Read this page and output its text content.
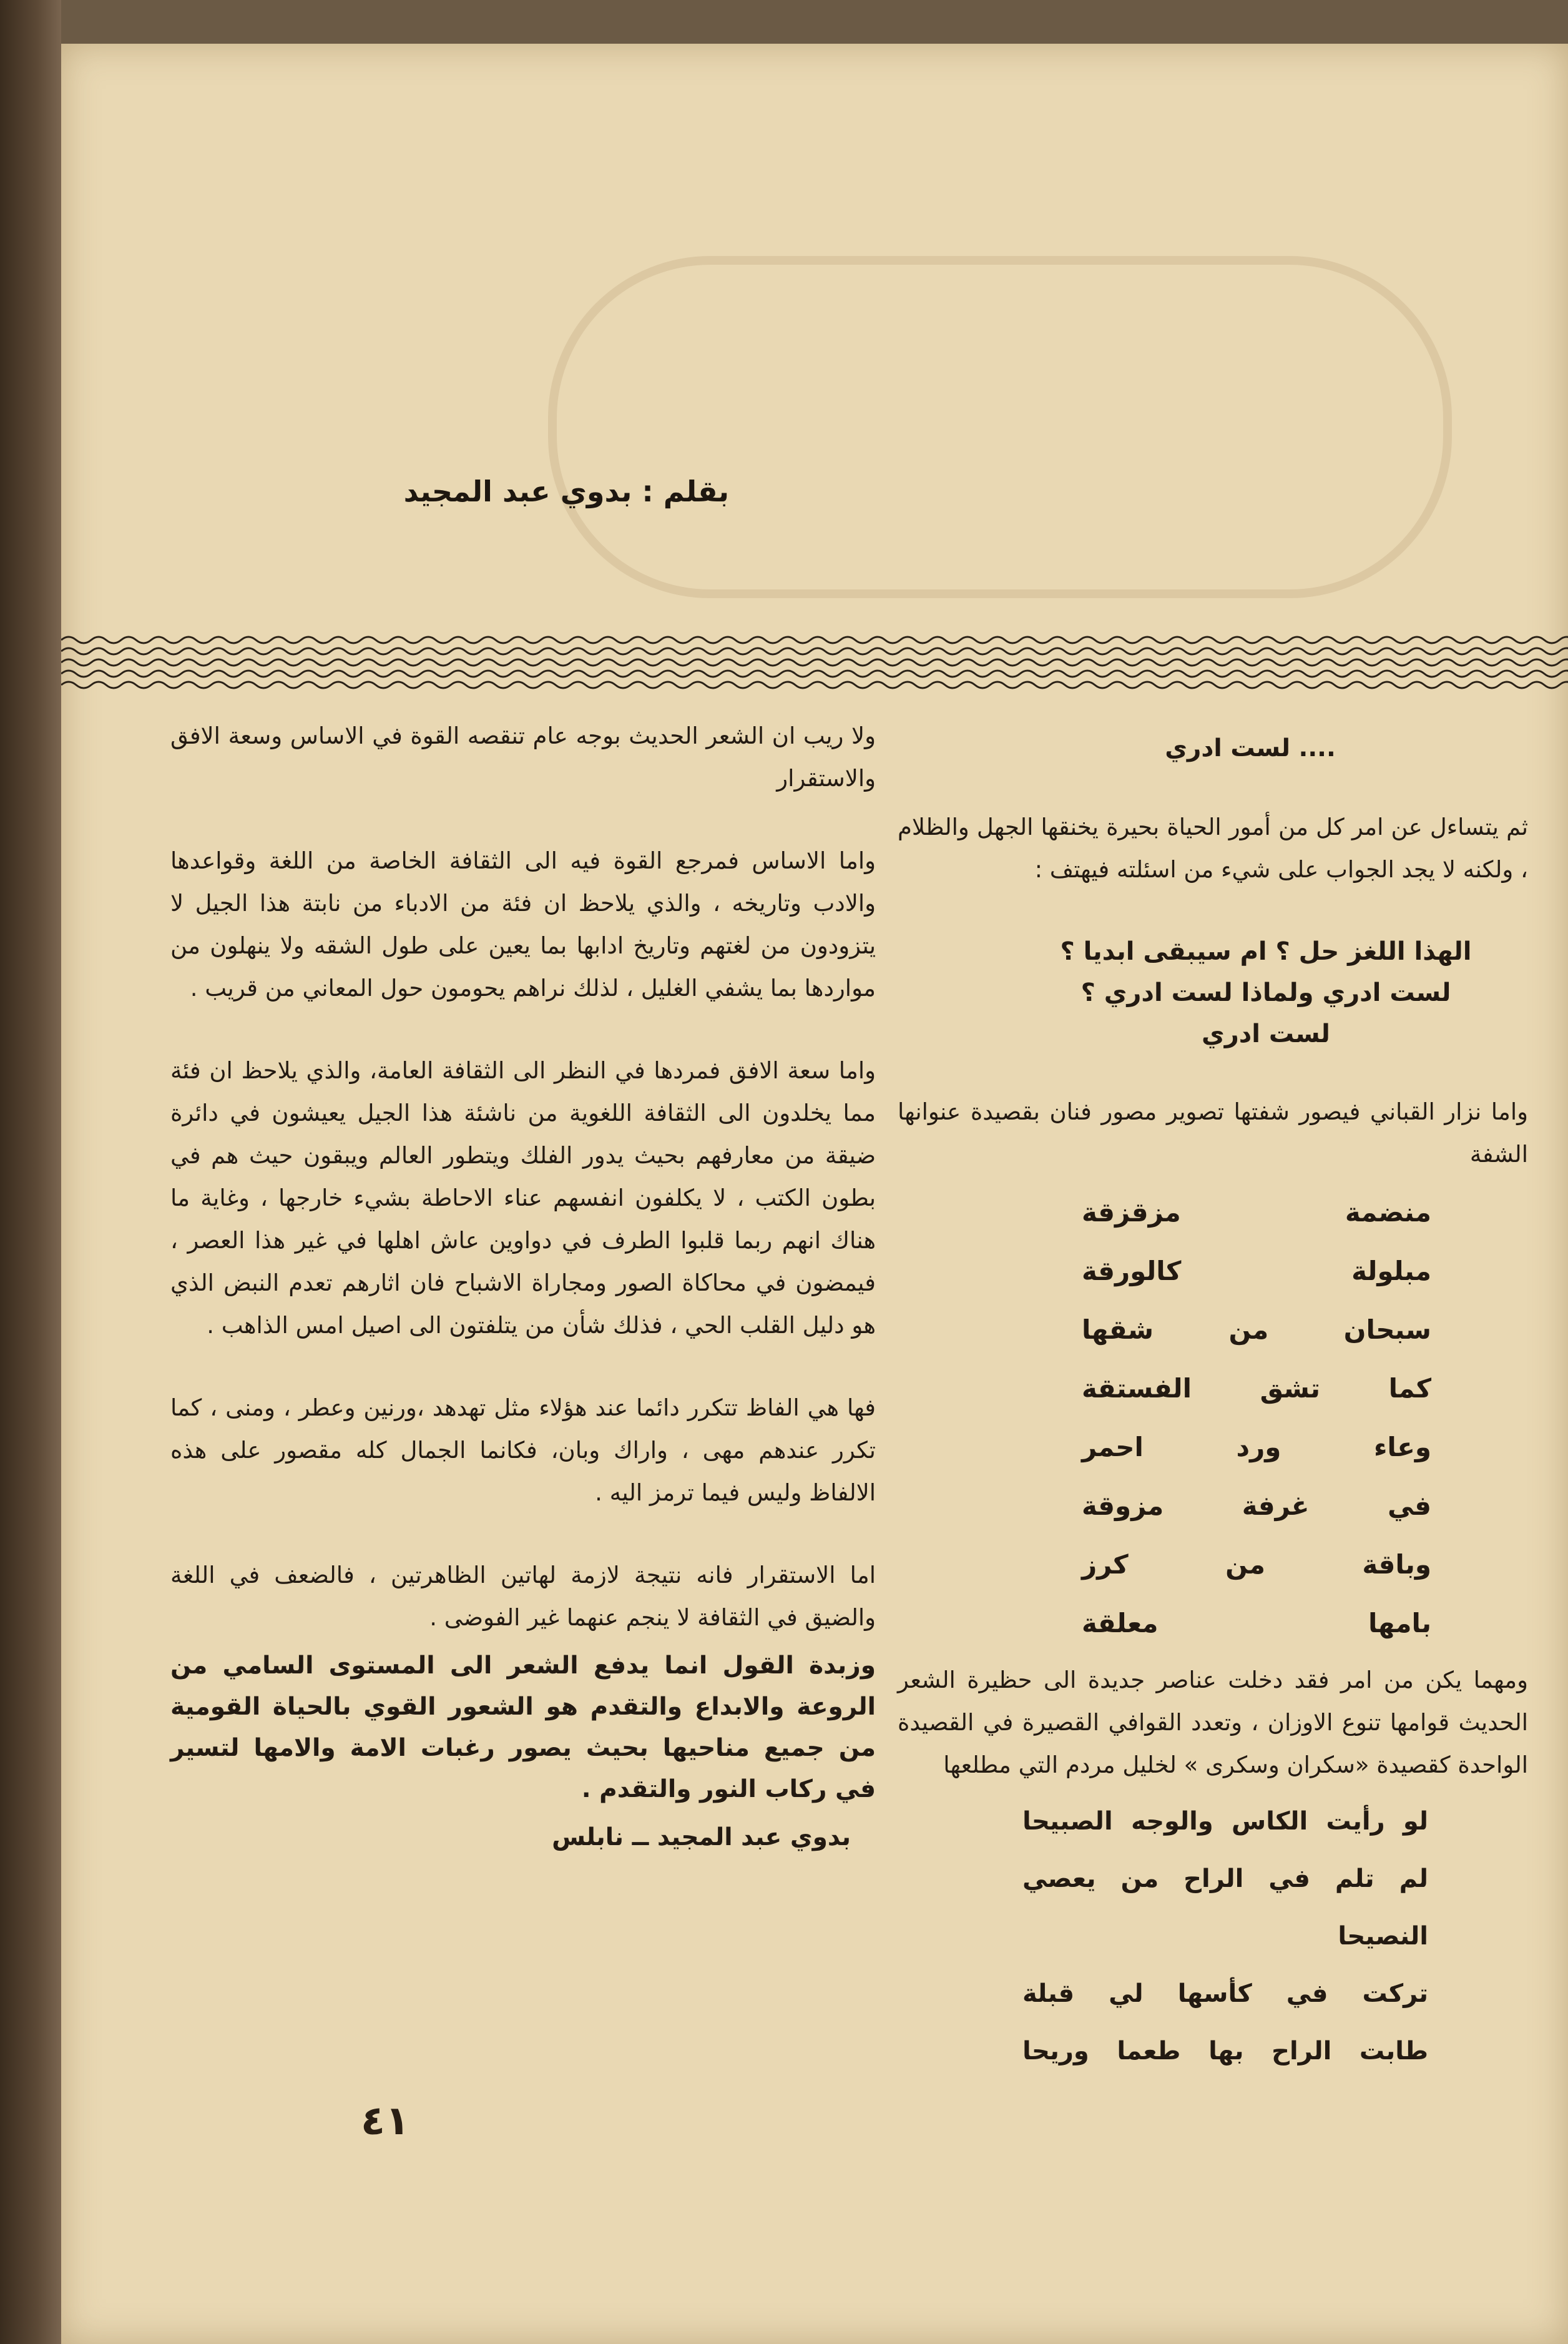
بقلم : بدوي عبد المجيد

ولا ريب ان الشعر الحديث بوجه عام تنقصه القوة في الاساس وسعة الافق والاستقرار

واما الاساس فمرجع القوة فيه الى الثقافة الخاصة من اللغة وقواعدها والادب وتاريخه ، والذي يلاحظ ان فئة من الادباء من نابتة هذا الجيل لا يتزودون من لغتهم وتاريخ ادابها بما يعين على طول الشقه ولا ينهلون من مواردها بما يشفي الغليل ، لذلك نراهم يحومون حول المعاني من قريب .

واما سعة الافق فمردها في النظر الى الثقافة العامة، والذي يلاحظ ان فئة مما يخلدون الى الثقافة اللغوية من ناشئة هذا الجيل يعيشون في دائرة ضيقة من معارفهم بحيث يدور الفلك ويتطور العالم ويبقون حيث هم في بطون الكتب ، لا يكلفون انفسهم عناء الاحاطة بشيء خارجها ، وغاية ما هناك انهم ربما قلبوا الطرف في دواوين عاش اهلها في غير هذا العصر ، فيمضون في محاكاة الصور ومجاراة الاشباح فان اثارهم تعدم النبض الذي هو دليل القلب الحي ، فذلك شأن من يتلفتون الى اصيل امس الذاهب .

فها هي الفاظ تتكرر دائما عند هؤلاء مثل تهدهد ،ورنين وعطر ، ومنى ، كما تكرر عندهم مهى ، واراك وبان، فكانما الجمال كله مقصور على هذه الالفاظ وليس فيما ترمز اليه .

اما الاستقرار فانه نتيجة لازمة لهاتين الظاهرتين ، فالضعف في اللغة والضيق في الثقافة لا ينجم عنهما غير الفوضى .

وزبدة القول انما يدفع الشعر الى المستوى السامي من الروعة والابداع والتقدم هو الشعور القوي بالحياة القومية من جميع مناحيها بحيث يصور رغبات الامة والامها لتسير في ركاب النور والتقدم .

بدوي عبد المجيد ــ نابلس

.... لست ادري

ثم يتساءل عن امر كل من أمور الحياة بحيرة يخنقها الجهل والظلام ، ولكنه لا يجد الجواب على شيء من اسئلته فيهتف :

الهذا اللغز حل ؟ ام سيبقى ابديا ؟
لست ادري ولماذا لست ادري ؟
لست ادري

واما نزار القباني فيصور شفتها تصوير مصور فنان بقصيدة عنوانها الشفة

منضمة مزقزقة
مبلولة كالورقة
سبحان من شقها
كما تشق الفستقة
وعاء ورد احمر
في غرفة مزوقة
وباقة من كرز
بامها معلقة

ومهما يكن من امر فقد دخلت عناصر جديدة الى حظيرة الشعر الحديث قوامها تنوع الاوزان ، وتعدد القوافي القصيرة في القصيدة الواحدة كقصيدة «سكران وسكرى » لخليل مردم التي مطلعها

لو رأيت الكاس والوجه الصبيحا
لم تلم في الراح من يعصي النصيحا
تركت في كأسها لي قبلة
طابت الراح بها طعما وريحا
٤١
